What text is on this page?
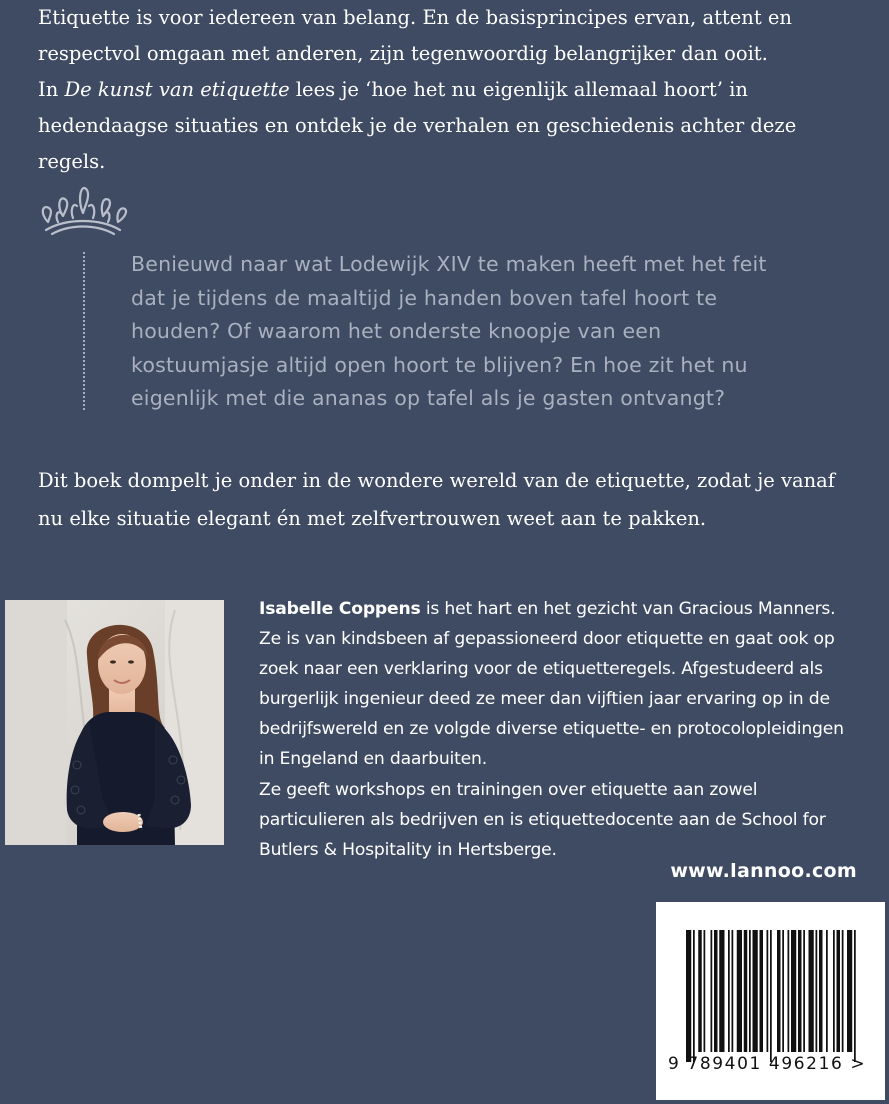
Etiquette is voor iedereen van belang. En de basisprincipes ervan, attent en respectvol omgaan met anderen, zijn tegenwoordig belangrijker dan ooit.

In De kunst van etiquette lees je ‘hoe het nu eigenlijk allemaal hoort’ in hedendaagse situaties en ontdek je de verhalen en geschiedenis achter deze regels.

Benieuwd naar wat Lodewijk XIV te maken heeft met het feit dat je tijdens de maaltijd je handen boven tafel hoort te houden? Of waarom het onderste knoopje van een kostuumjasje altijd open hoort te blijven? En hoe zit het nu eigenlijk met die ananas op tafel als je gasten ontvangt?

Dit boek dompelt je onder in de wondere wereld van de etiquette, zodat je vanaf nu elke situatie elegant én met zelfvertrouwen weet aan te pakken.

Isabelle Coppens is het hart en het gezicht van Gracious Manners. Ze is van kindsbeen af gepassioneerd door etiquette en gaat ook op zoek naar een verklaring voor de etiquetteregels. Afgestudeerd als burgerlijk ingenieur deed ze meer dan vijftien jaar ervaring op in de bedrijfswereld en ze volgde diverse etiquette- en protocolopleidingen in Engeland en daarbuiten.

Ze geeft workshops en trainingen over etiquette aan zowel particulieren als bedrijven en is etiquettedocente aan de School for Butlers & Hospitality in Hertsberge.

www.lannoo.com
9 789401 496216 >
